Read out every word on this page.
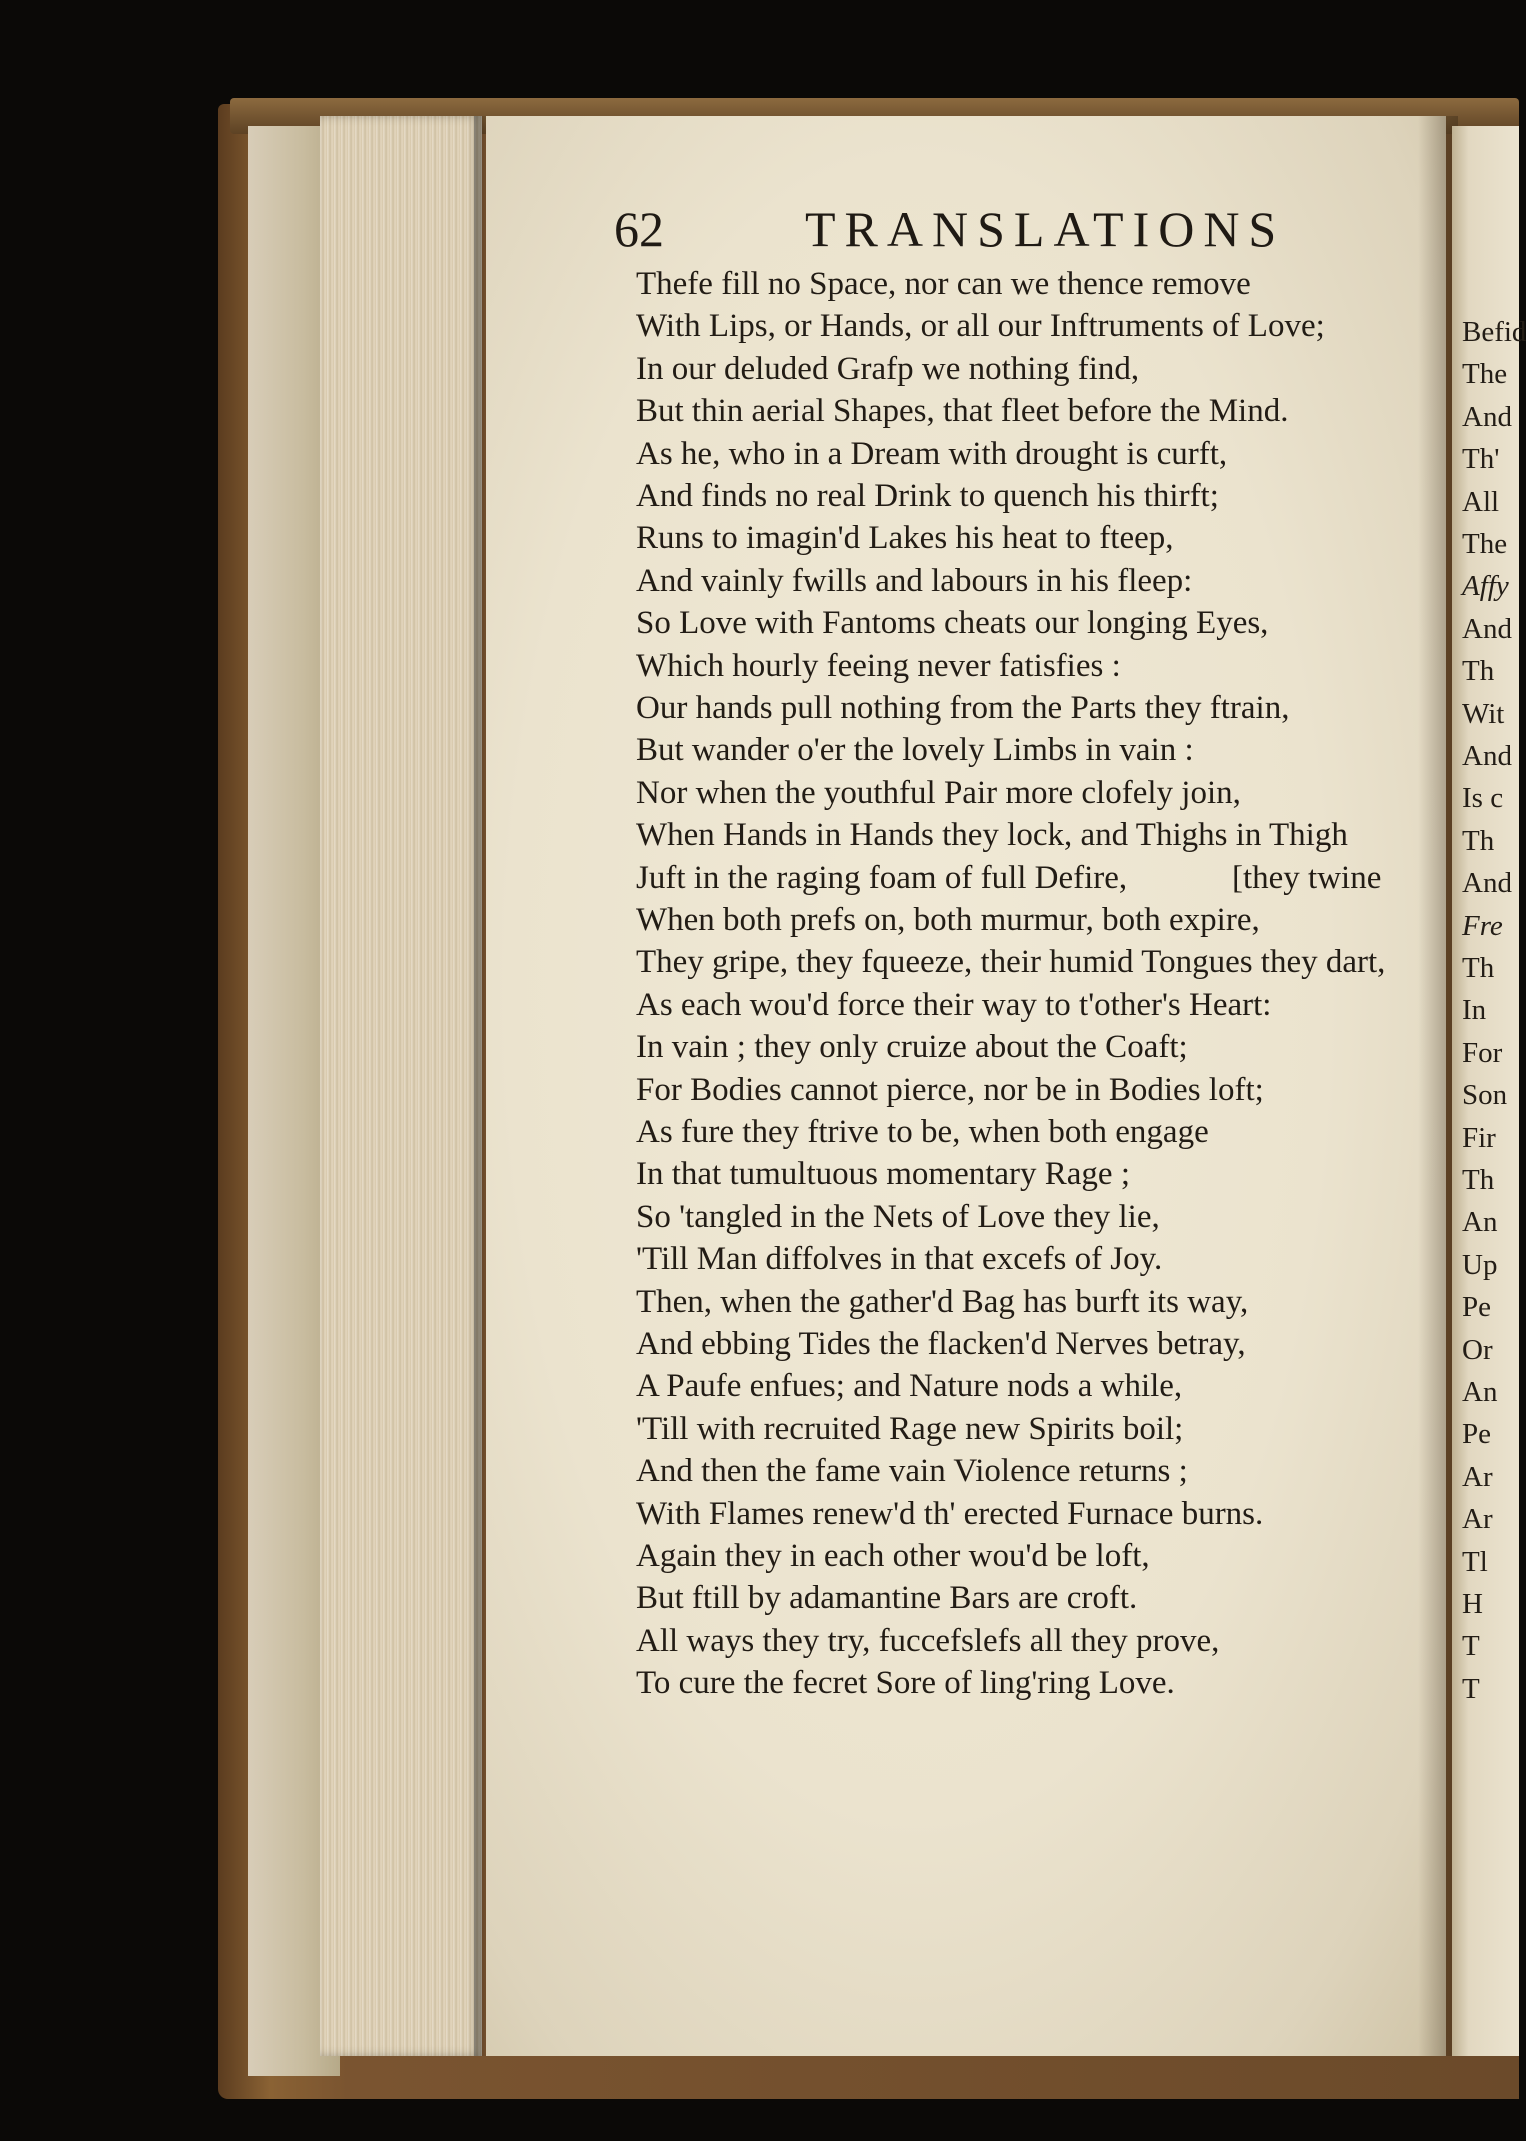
62	TRANSLATIONS
Thefe fill no Space, nor can we thence remove
With Lips, or Hands, or all our Inftruments of Love;
In our deluded Grafp we nothing find,
But thin aerial Shapes, that fleet before the Mind.
As he, who in a Dream with drought is curft,
And finds no real Drink to quench his thirft;
Runs to imagin'd Lakes his heat to fteep,
And vainly fwills and labours in his fleep:
So Love with Fantoms cheats our longing Eyes,
Which hourly feeing never fatisfies :
Our hands pull nothing from the Parts they ftrain,
But wander o'er the lovely Limbs in vain :
Nor when the youthful Pair more clofely join,
When Hands in Hands they lock, and Thighs in Thigh
Juft in the raging foam of full Defire,
When both prefs on, both murmur, both expire,
They gripe, they fqueeze, their humid Tongues they dart,
As each wou'd force their way to t'other's Heart:
In vain ; they only cruize about the Coaft;
For Bodies cannot pierce, nor be in Bodies loft;
As fure they ftrive to be, when both engage
In that tumultuous momentary Rage ;
So 'tangled in the Nets of Love they lie,
'Till Man diffolves in that excefs of Joy.
Then, when the gather'd Bag has burft its way,
And ebbing Tides the flacken'd Nerves betray,
A Paufe enfues; and Nature nods a while,
'Till with recruited Rage new Spirits boil;
And then the fame vain Violence returns ;
With Flames renew'd th' erected Furnace burns.
Again they in each other wou'd be loft,
But ftill by adamantine Bars are croft.
All ways they try, fuccefslefs all they prove,
To cure the fecret Sore of ling'ring Love.
[they twine
Befid
The
And
Th'
All
The
Affy
And
Th
Wit
And
Is c
Th
And
Fre
Th
In
For
Son
Fir
Th
An
Up
Pe
Or
An
Pe
Ar
Ar
Tl
H
T
T
